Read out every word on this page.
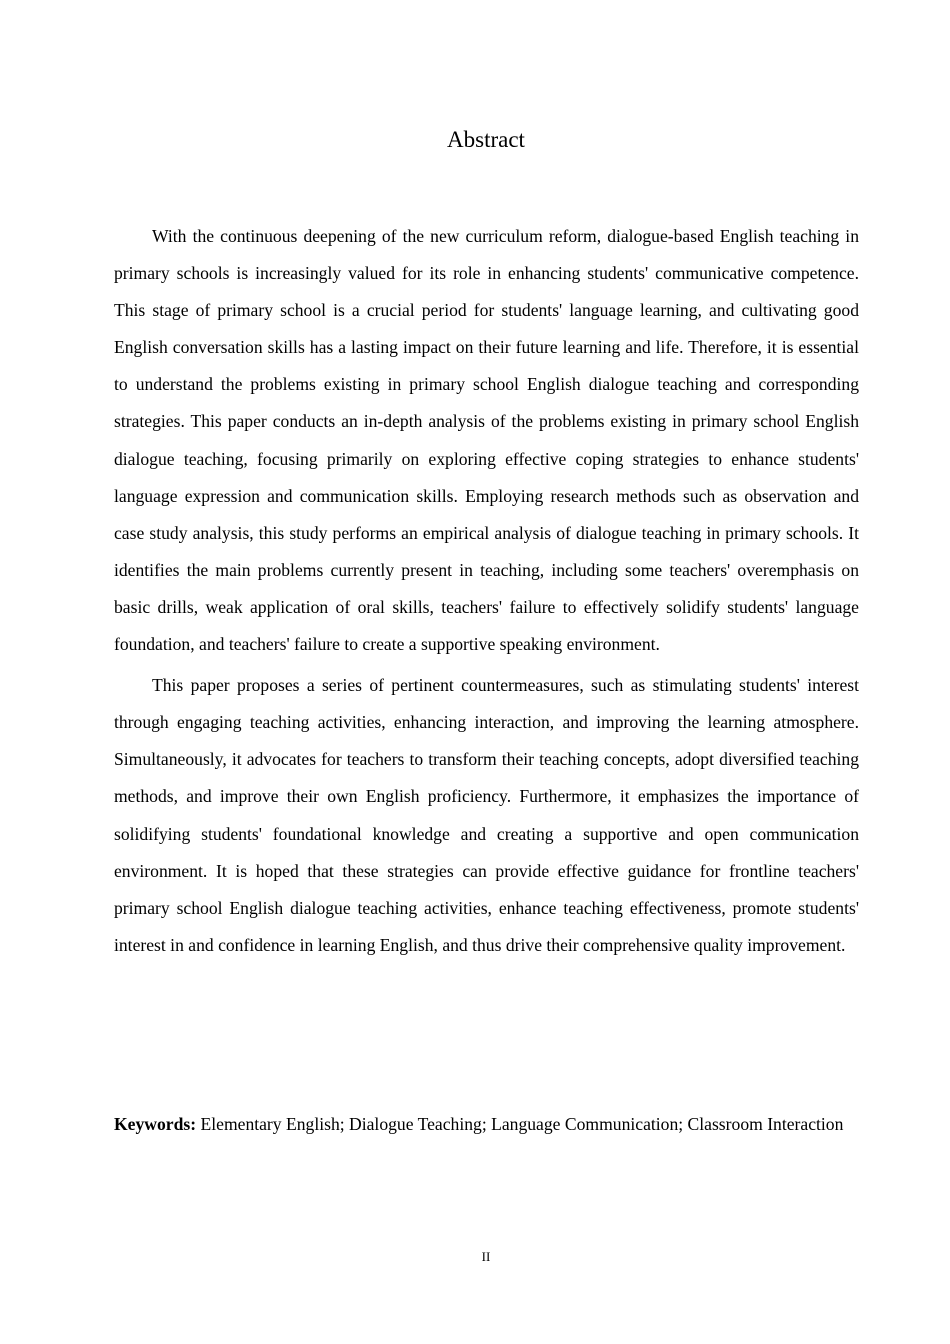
Abstract

With the continuous deepening of the new curriculum reform, dialogue-based English teaching in primary schools is increasingly valued for its role in enhancing students' communicative competence. This stage of primary school is a crucial period for students' language learning, and cultivating good English conversation skills has a lasting impact on their future learning and life. Therefore, it is essential to understand the problems existing in primary school English dialogue teaching and corresponding strategies. This paper conducts an in-depth analysis of the problems existing in primary school English dialogue teaching, focusing primarily on exploring effective coping strategies to enhance students' language expression and communication skills. Employing research methods such as observation and case study analysis, this study performs an empirical analysis of dialogue teaching in primary schools. It identifies the main problems currently present in teaching, including some teachers' overemphasis on basic drills, weak application of oral skills, teachers' failure to effectively solidify students' language foundation, and teachers' failure to create a supportive speaking environment.

This paper proposes a series of pertinent countermeasures, such as stimulating students' interest through engaging teaching activities, enhancing interaction, and improving the learning atmosphere. Simultaneously, it advocates for teachers to transform their teaching concepts, adopt diversified teaching methods, and improve their own English proficiency. Furthermore, it emphasizes the importance of solidifying students' foundational knowledge and creating a supportive and open communication environment. It is hoped that these strategies can provide effective guidance for frontline teachers' primary school English dialogue teaching activities, enhance teaching effectiveness, promote students' interest in and confidence in learning English, and thus drive their comprehensive quality improvement.

Keywords: Elementary English; Dialogue Teaching; Language Communication; Classroom Interaction

II
